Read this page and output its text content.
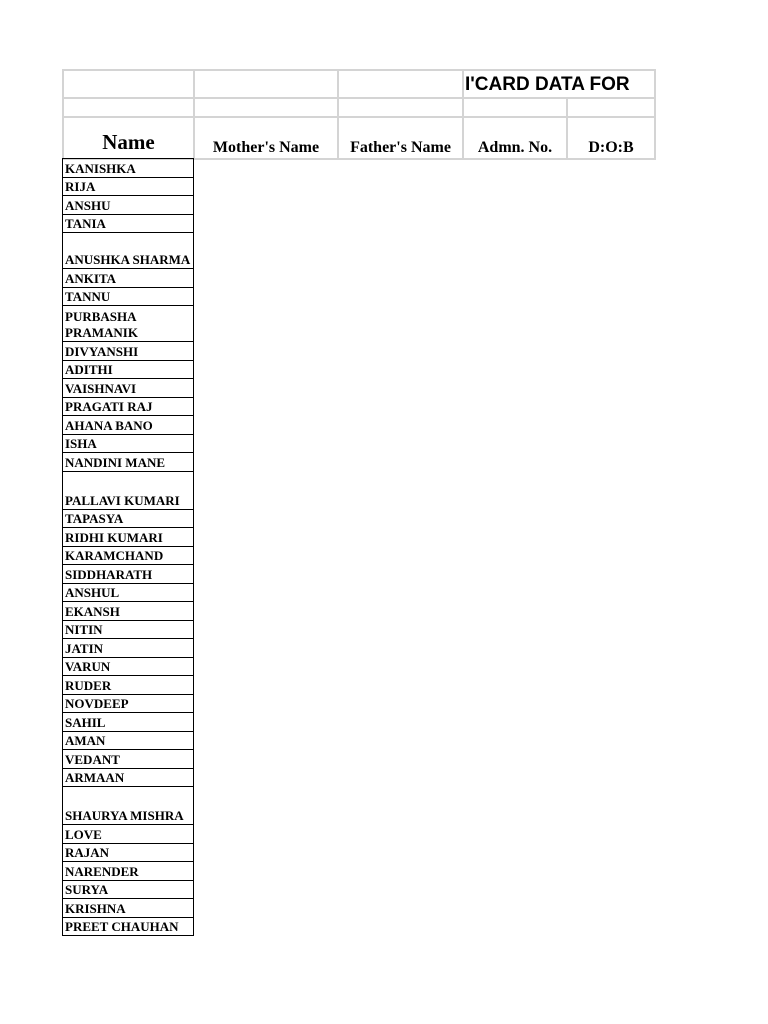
I'CARD DATA FOR
Name	Mother's Name	Father's Name	Admn. No.	D:O:B
KANISHKA
RIJA
ANSHU
TANIA
ANUSHKA SHARMA
ANKITA
TANNU
PURBASHA PRAMANIK
DIVYANSHI
ADITHI
VAISHNAVI
PRAGATI RAJ
AHANA BANO
ISHA
NANDINI MANE
PALLAVI KUMARI
TAPASYA
RIDHI KUMARI
KARAMCHAND
SIDDHARATH
ANSHUL
EKANSH
NITIN
JATIN
VARUN
RUDER
NOVDEEP
SAHIL
AMAN
VEDANT
ARMAAN
SHAURYA MISHRA
LOVE
RAJAN
NARENDER
SURYA
KRISHNA
PREET CHAUHAN
